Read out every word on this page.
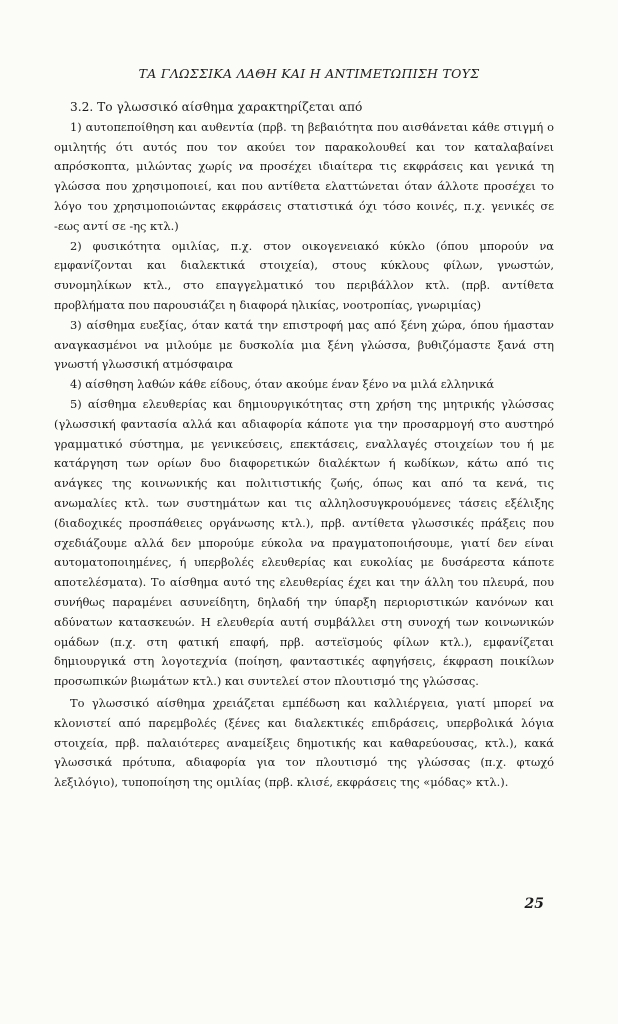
ΤΑ ΓΛΩΣΣΙΚΑ ΛΑΘΗ ΚΑΙ Η ΑΝΤΙΜΕΤΩΠΙΣΗ ΤΟΥΣ

3.2. Το γλωσσικό αίσθημα χαρακτηρίζεται από

1) αυτοπεποίθηση και αυθεντία (πρβ. τη βεβαιότητα που αισθάνεται κάθε στιγμή ο ομιλητής ότι αυτός που τον ακούει τον παρακολουθεί και τον καταλαβαίνει απρόσκοπτα, μιλώντας χωρίς να προσέχει ιδιαίτερα τις εκφράσεις και γενικά τη γλώσσα που χρησιμοποιεί, και που αντίθετα ελαττώνεται όταν άλλοτε προσέχει το λόγο του χρησιμοποιώντας εκφράσεις στατιστικά όχι τόσο κοινές, π.χ. γενικές σε -εως αντί σε -ης κτλ.)

2) φυσικότητα ομιλίας, π.χ. στον οικογενειακό κύκλο (όπου μπορούν να εμφανίζονται και διαλεκτικά στοιχεία), στους κύκλους φίλων, γνωστών, συνομηλίκων κτλ., στο επαγγελματικό του περιβάλλον κτλ. (πρβ. αντίθετα προβλήματα που παρουσιάζει η διαφορά ηλικίας, νοοτροπίας, γνωριμίας)

3) αίσθημα ευεξίας, όταν κατά την επιστροφή μας από ξένη χώρα, όπου ήμασταν αναγκασμένοι να μιλούμε με δυσκολία μια ξένη γλώσσα, βυθιζόμαστε ξανά στη γνωστή γλωσσική ατμόσφαιρα

4) αίσθηση λαθών κάθε είδους, όταν ακούμε έναν ξένο να μιλά ελληνικά

5) αίσθημα ελευθερίας και δημιουργικότητας στη χρήση της μητρικής γλώσσας (γλωσσική φαντασία αλλά και αδιαφορία κάποτε για την προσαρμογή στο αυστηρό γραμματικό σύστημα, με γενικεύσεις, επεκτάσεις, εναλλαγές στοιχείων του ή με κατάργηση των ορίων δυο διαφορετικών διαλέκτων ή κωδίκων, κάτω από τις ανάγκες της κοινωνικής και πολιτιστικής ζωής, όπως και από τα κενά, τις ανωμαλίες κτλ. των συστημάτων και τις αλληλοσυγκρουόμενες τάσεις εξέλιξης (διαδοχικές προσπάθειες οργάνωσης κτλ.), πρβ. αντίθετα γλωσσικές πράξεις που σχεδιάζουμε αλλά δεν μπορούμε εύκολα να πραγματοποιήσουμε, γιατί δεν είναι αυτοματοποιημένες, ή υπερβολές ελευθερίας και ευκολίας με δυσάρεστα κάποτε αποτελέσματα). Το αίσθημα αυτό της ελευθερίας έχει και την άλλη του πλευρά, που συνήθως παραμένει ασυνείδητη, δηλαδή την ύπαρξη περιοριστικών κανόνων και αδύνατων κατασκευών. Η ελευθερία αυτή συμβάλλει στη συνοχή των κοινωνικών ομάδων (π.χ. στη φατική επαφή, πρβ. αστεϊσμούς φίλων κτλ.), εμφανίζεται δημιουργικά στη λογοτεχνία (ποίηση, φανταστικές αφηγήσεις, έκφραση ποικίλων προσωπικών βιωμάτων κτλ.) και συντελεί στον πλουτισμό της γλώσσας.

Το γλωσσικό αίσθημα χρειάζεται εμπέδωση και καλλιέργεια, γιατί μπορεί να κλονιστεί από παρεμβολές (ξένες και διαλεκτικές επιδράσεις, υπερβολικά λόγια στοιχεία, πρβ. παλαιότερες αναμείξεις δημοτικής και καθαρεύουσας, κτλ.), κακά γλωσσικά πρότυπα, αδιαφορία για τον πλουτισμό της γλώσσας (π.χ. φτωχό λεξιλόγιο), τυποποίηση της ομιλίας (πρβ. κλισέ, εκφράσεις της «μόδας» κτλ.).

25
